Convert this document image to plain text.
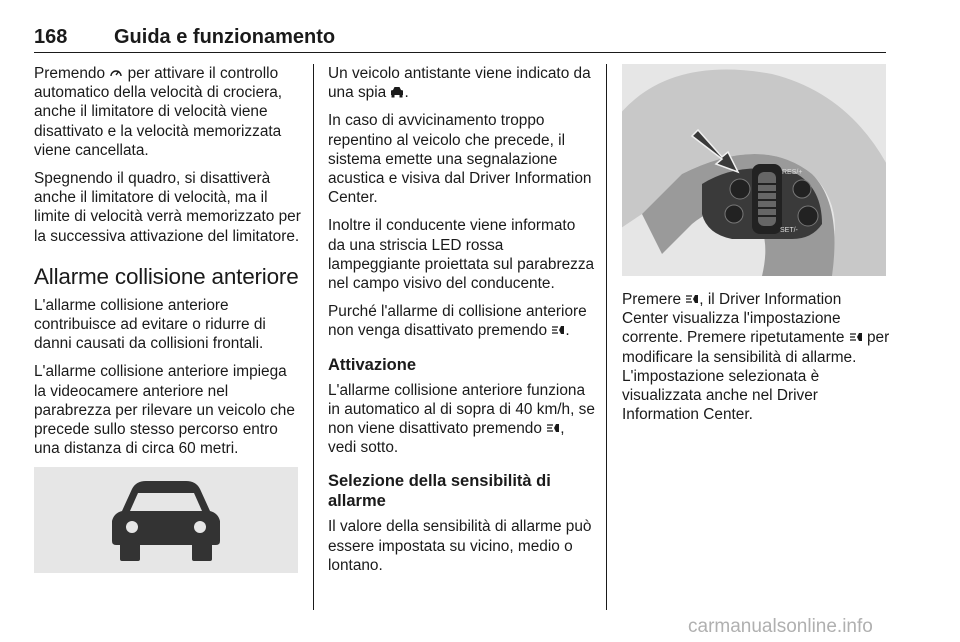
168 Guida e funzionamento

Premendo  per attivare il controllo automatico della velocità di crociera, anche il limitatore di velocità viene disattivato e la velocità memorizzata viene cancellata.

Spegnendo il quadro, si disattiverà anche il limitatore di velocità, ma il limite di velocità verrà memorizzato per la successiva attivazione del limitatore.

Allarme collisione anteriore

L'allarme collisione anteriore contribuisce ad evitare o ridurre di danni causati da collisioni frontali.

L'allarme collisione anteriore impiega la videocamere anteriore nel parabrezza per rilevare un veicolo che precede sullo stesso percorso entro una distanza di circa 60 metri.

Un veicolo antistante viene indicato da una spia .

In caso di avvicinamento troppo repentino al veicolo che precede, il sistema emette una segnalazione acustica e visiva dal Driver Information Center.

Inoltre il conducente viene informato da una striscia LED rossa lampeggiante proiettata sul parabrezza nel campo visivo del conducente.

Purché l'allarme di collisione anteriore non venga disattivato premendo .

Attivazione

L'allarme collisione anteriore funziona in automatico al di sopra di 40 km/h, se non viene disattivato premendo , vedi sotto.

Selezione della sensibilità di allarme

Il valore della sensibilità di allarme può essere impostata su vicino, medio o lontano.

RES/+
SET/-

Premere , il Driver Information Center visualizza l'impostazione corrente. Premere ripetutamente  per modificare la sensibilità di allarme. L'impostazione selezionata è visualizzata anche nel Driver Information Center.

carmanualsonline.info
